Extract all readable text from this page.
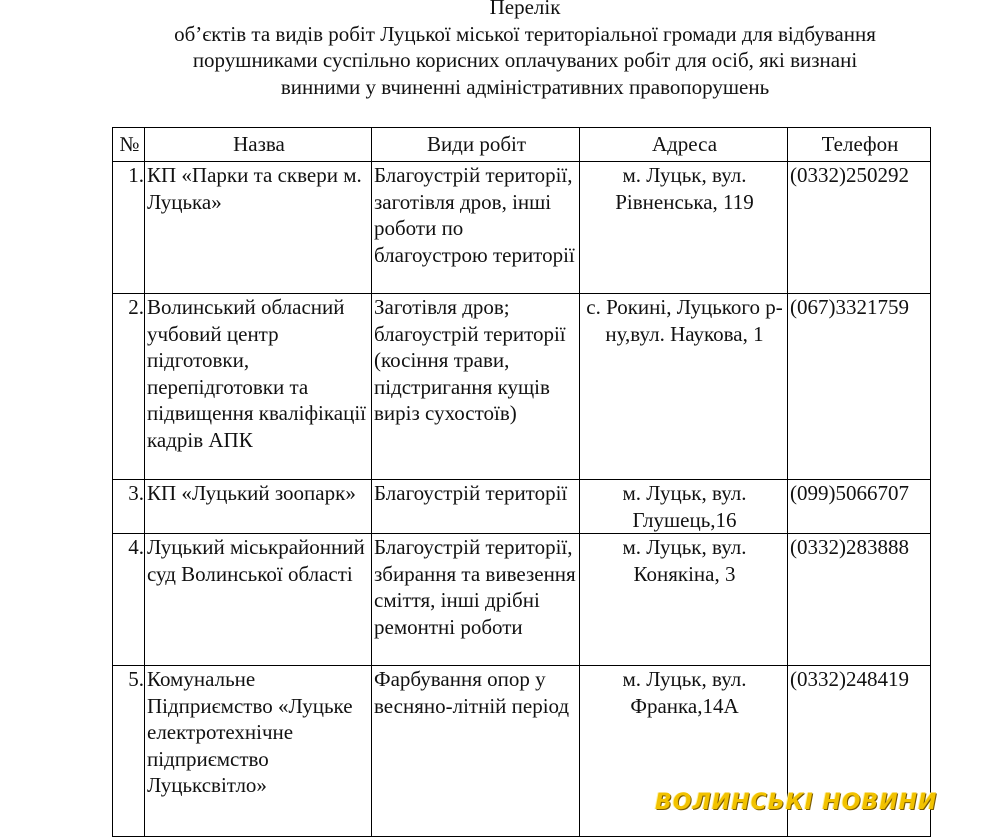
Перелік
об’єктів та видів робіт Луцької міської територіальної громади для відбування
порушниками суспільно корисних оплачуваних робіт для осіб, які визнані
винними у вчиненні адміністративних правопорушень
№	Назва	Види робіт	Адреса	Телефон
1.	КП «Парки та сквери м. Луцька»	Благоустрій території, заготівля дров, інші роботи по благоустрою території	м. Луцьк, вул. Рівненська, 119	(0332)250292
2.	Волинський обласний учбовий центр підготовки, перепідготовки та підвищення кваліфікації кадрів АПК	Заготівля дров; благоустрій території (косіння трави, підстригання кущів виріз сухостоїв)	с. Рокині, Луцького р-ну,вул. Наукова, 1	(067)3321759
3.	КП «Луцький зоопарк»	Благоустрій території	м. Луцьк, вул. Глушець,16	(099)5066707
4.	Луцький міськрайонний суд Волинської області	Благоустрій території, збирання та вивезення сміття, інші дрібні ремонтні роботи	м. Луцьк, вул. Конякіна, 3	(0332)283888
5.	Комунальне Підприємство «Луцьке електротехнічне підприємство Луцьксвітло»	Фарбування опор у весняно-літній період	м. Луцьк, вул. Франка,14А	(0332)248419
ВОЛИНСЬКІ НОВИНИ
